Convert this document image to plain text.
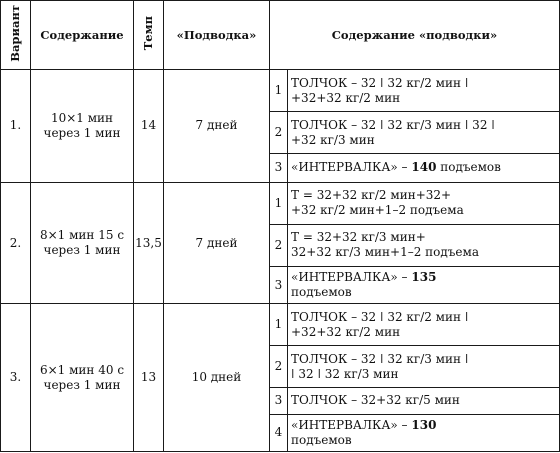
Вариант	Содержание	Темп	«Подводка»	Содержание «подводки»	
1.	10×1 мин
через 1 мин	14	7 дней	1	ТОЛЧОК – 32 ǀ 32 кг/2 мин ǀ
+32+32 кг/2 мин

				2	ТОЛЧОК – 32 ǀ 32 кг/3 мин ǀ 32 ǀ
+32 кг/3 мин

				3	«ИНТЕРВАЛКА» – 140 подъемов
2.	8×1 мин 15 с
через 1 мин	13,5	7 дней	1	Т = 32+32 кг/2 мин+32+
+32 кг/2 мин+1–2 подъема

				2	Т = 32+32 кг/3 мин+
32+32 кг/3 мин+1–2 подъема

				3	«ИНТЕРВАЛКА» – 135
подъемов
3.	6×1 мин 40 с
через 1 мин	13	10 дней	1	ТОЛЧОК – 32 ǀ 32 кг/2 мин ǀ
+32+32 кг/2 мин

				2	ТОЛЧОК – 32 ǀ 32 кг/3 мин ǀ
ǀ 32 ǀ 32 кг/3 мин

				3	ТОЛЧОК – 32+32 кг/5 мин

				4	«ИНТЕРВАЛКА» – 130
подъемов
